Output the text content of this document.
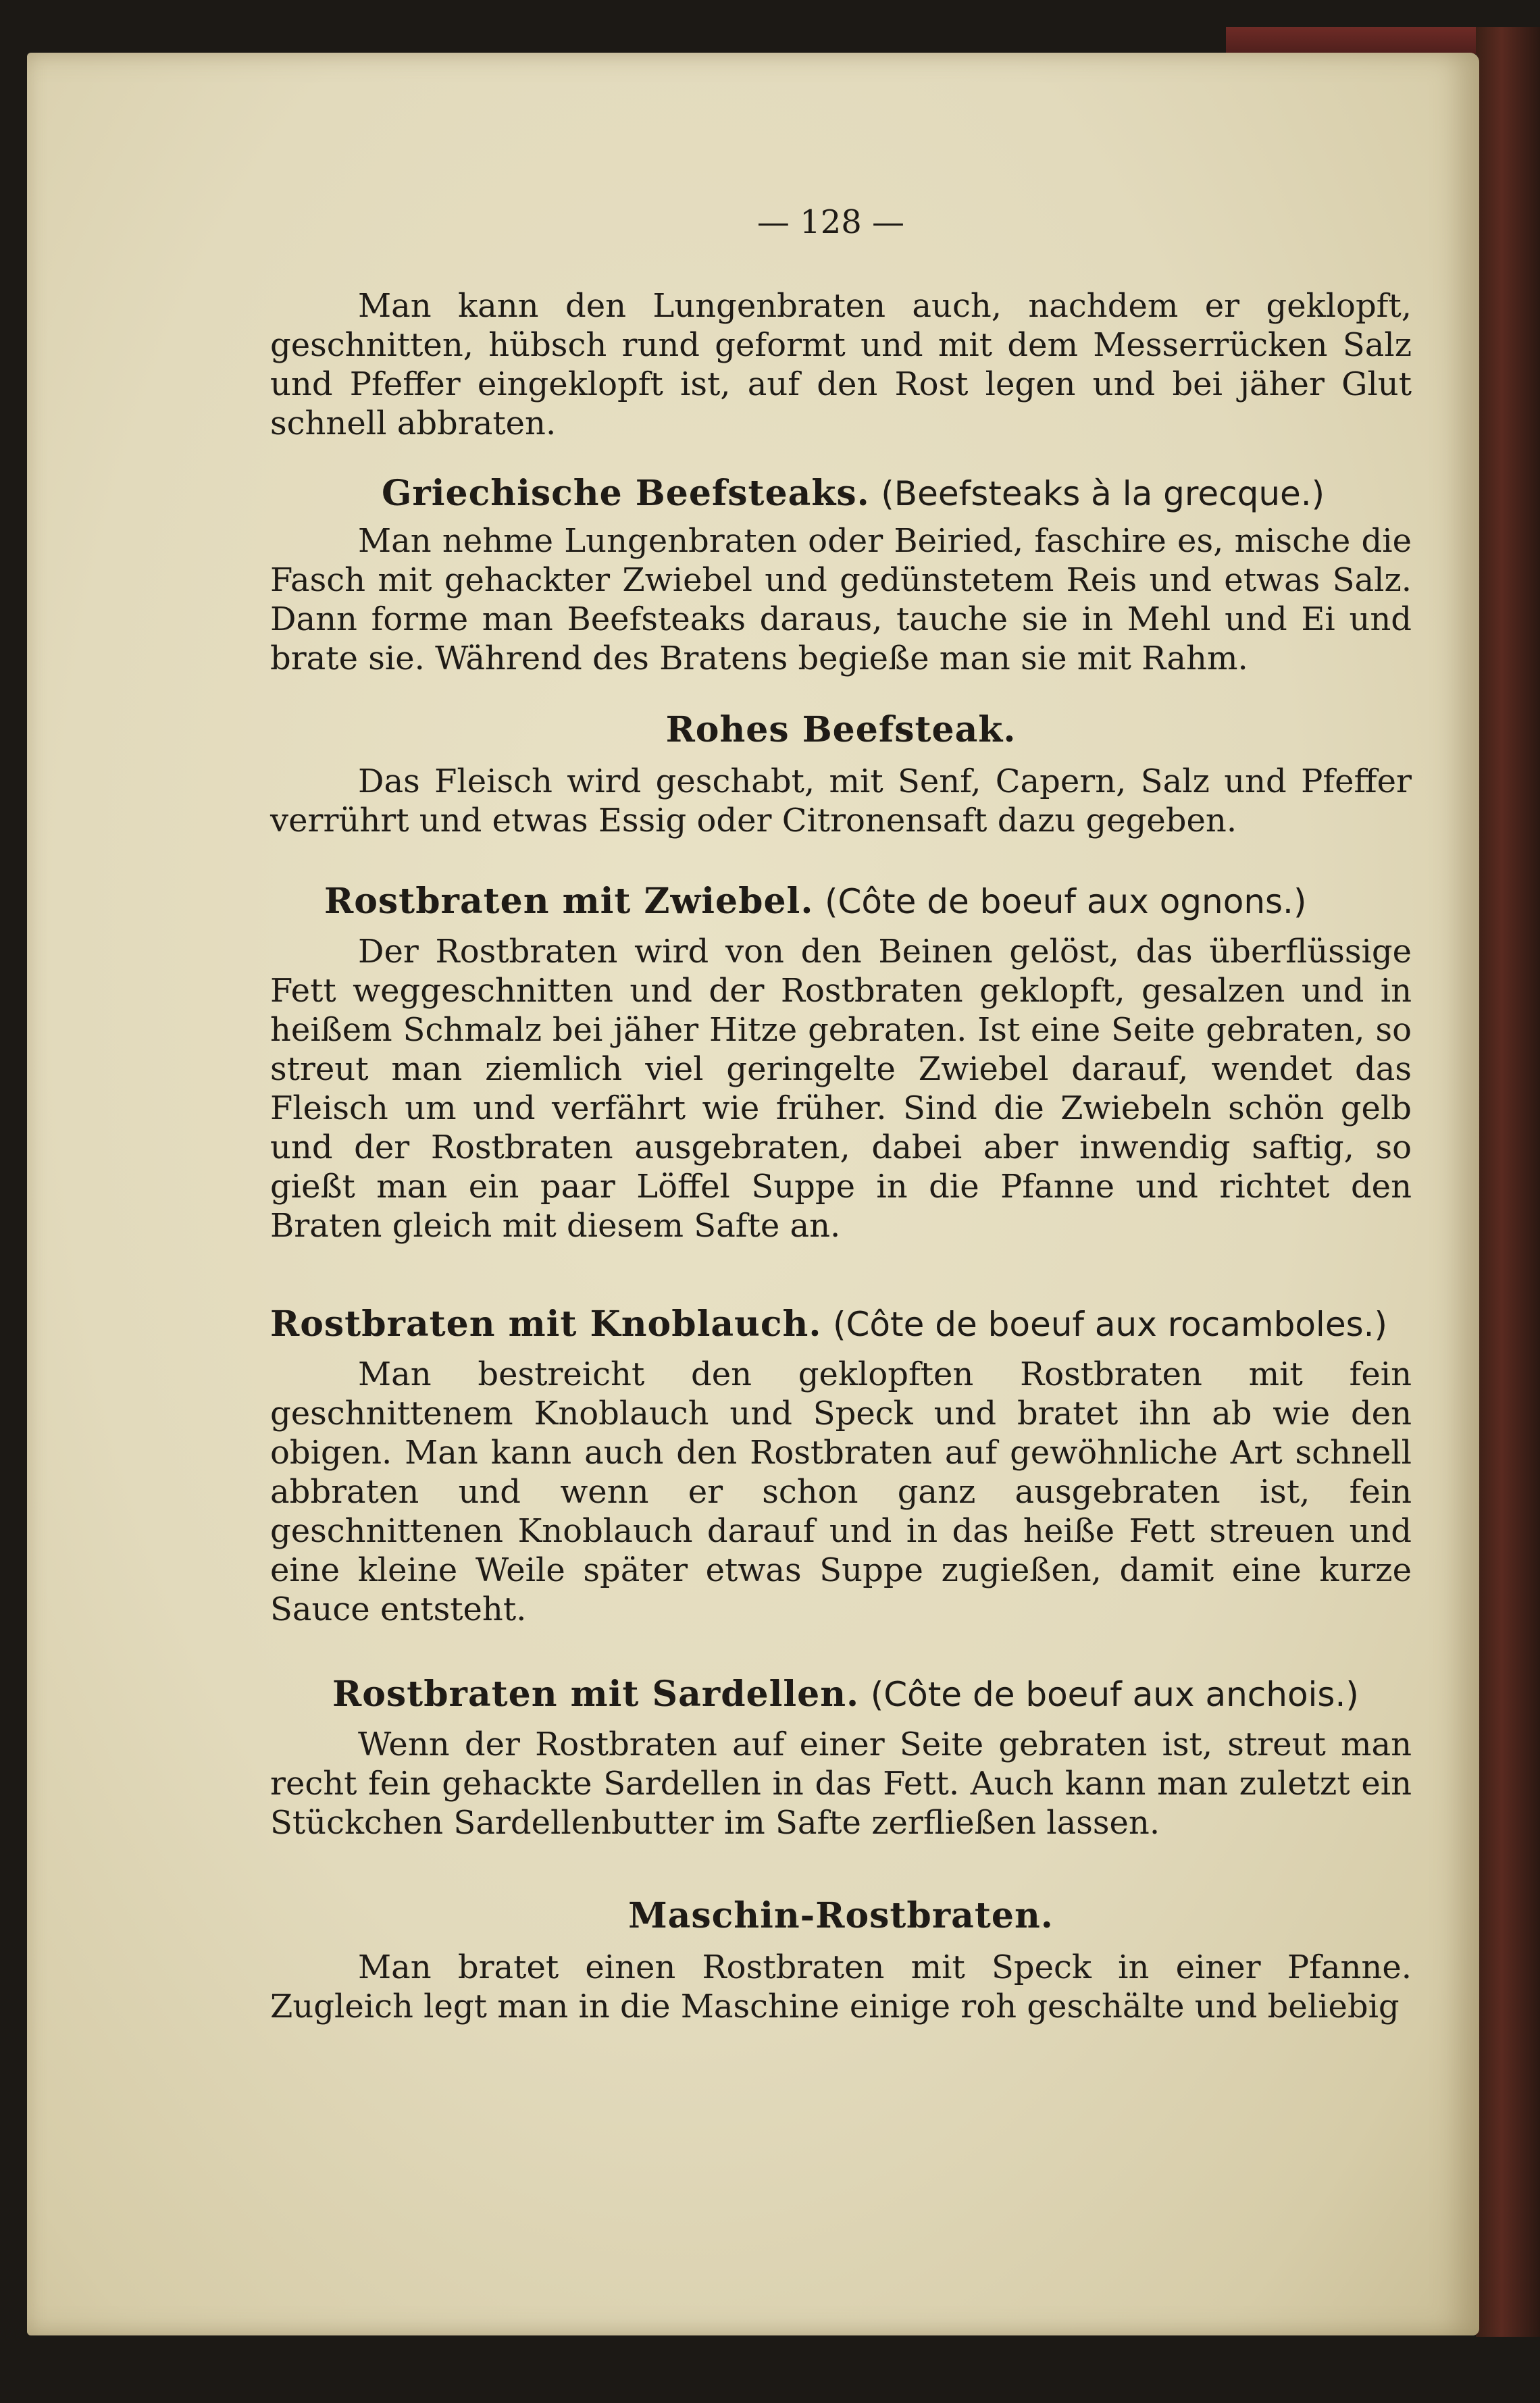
— 128 —

Man kann den Lungenbraten auch, nachdem er geklopft, geschnitten, hübsch rund geformt und mit dem Messerrücken Salz und Pfeffer eingeklopft ist, auf den Rost legen und bei jäher Glut schnell abbraten.

Griechische Beefsteaks. (Beefsteaks à la grecque.)

Man nehme Lungenbraten oder Beiried, faschire es, mische die Fasch mit gehackter Zwiebel und gedünstetem Reis und etwas Salz. Dann forme man Beefsteaks daraus, tauche sie in Mehl und Ei und brate sie. Während des Bratens begieße man sie mit Rahm.

Rohes Beefsteak.

Das Fleisch wird geschabt, mit Senf, Capern, Salz und Pfeffer verrührt und etwas Essig oder Citronensaft dazu gegeben.

Rostbraten mit Zwiebel. (Côte de boeuf aux ognons.)

Der Rostbraten wird von den Beinen gelöst, das überflüssige Fett weggeschnitten und der Rostbraten geklopft, gesalzen und in heißem Schmalz bei jäher Hitze gebraten. Ist eine Seite gebraten, so streut man ziemlich viel geringelte Zwiebel darauf, wendet das Fleisch um und verfährt wie früher. Sind die Zwiebeln schön gelb und der Rostbraten ausgebraten, dabei aber inwendig saftig, so gießt man ein paar Löffel Suppe in die Pfanne und richtet den Braten gleich mit diesem Safte an.

Rostbraten mit Knoblauch. (Côte de boeuf aux rocamboles.)

Man bestreicht den geklopften Rostbraten mit fein geschnittenem Knoblauch und Speck und bratet ihn ab wie den obigen. Man kann auch den Rostbraten auf gewöhnliche Art schnell abbraten und wenn er schon ganz ausgebraten ist, fein geschnittenen Knoblauch darauf und in das heiße Fett streuen und eine kleine Weile später etwas Suppe zugießen, damit eine kurze Sauce entsteht.

Rostbraten mit Sardellen. (Côte de boeuf aux anchois.)

Wenn der Rostbraten auf einer Seite gebraten ist, streut man recht fein gehackte Sardellen in das Fett. Auch kann man zuletzt ein Stückchen Sardellenbutter im Safte zerfließen lassen.

Maschin-Rostbraten.

Man bratet einen Rostbraten mit Speck in einer Pfanne. Zugleich legt man in die Maschine einige roh geschälte und beliebig
